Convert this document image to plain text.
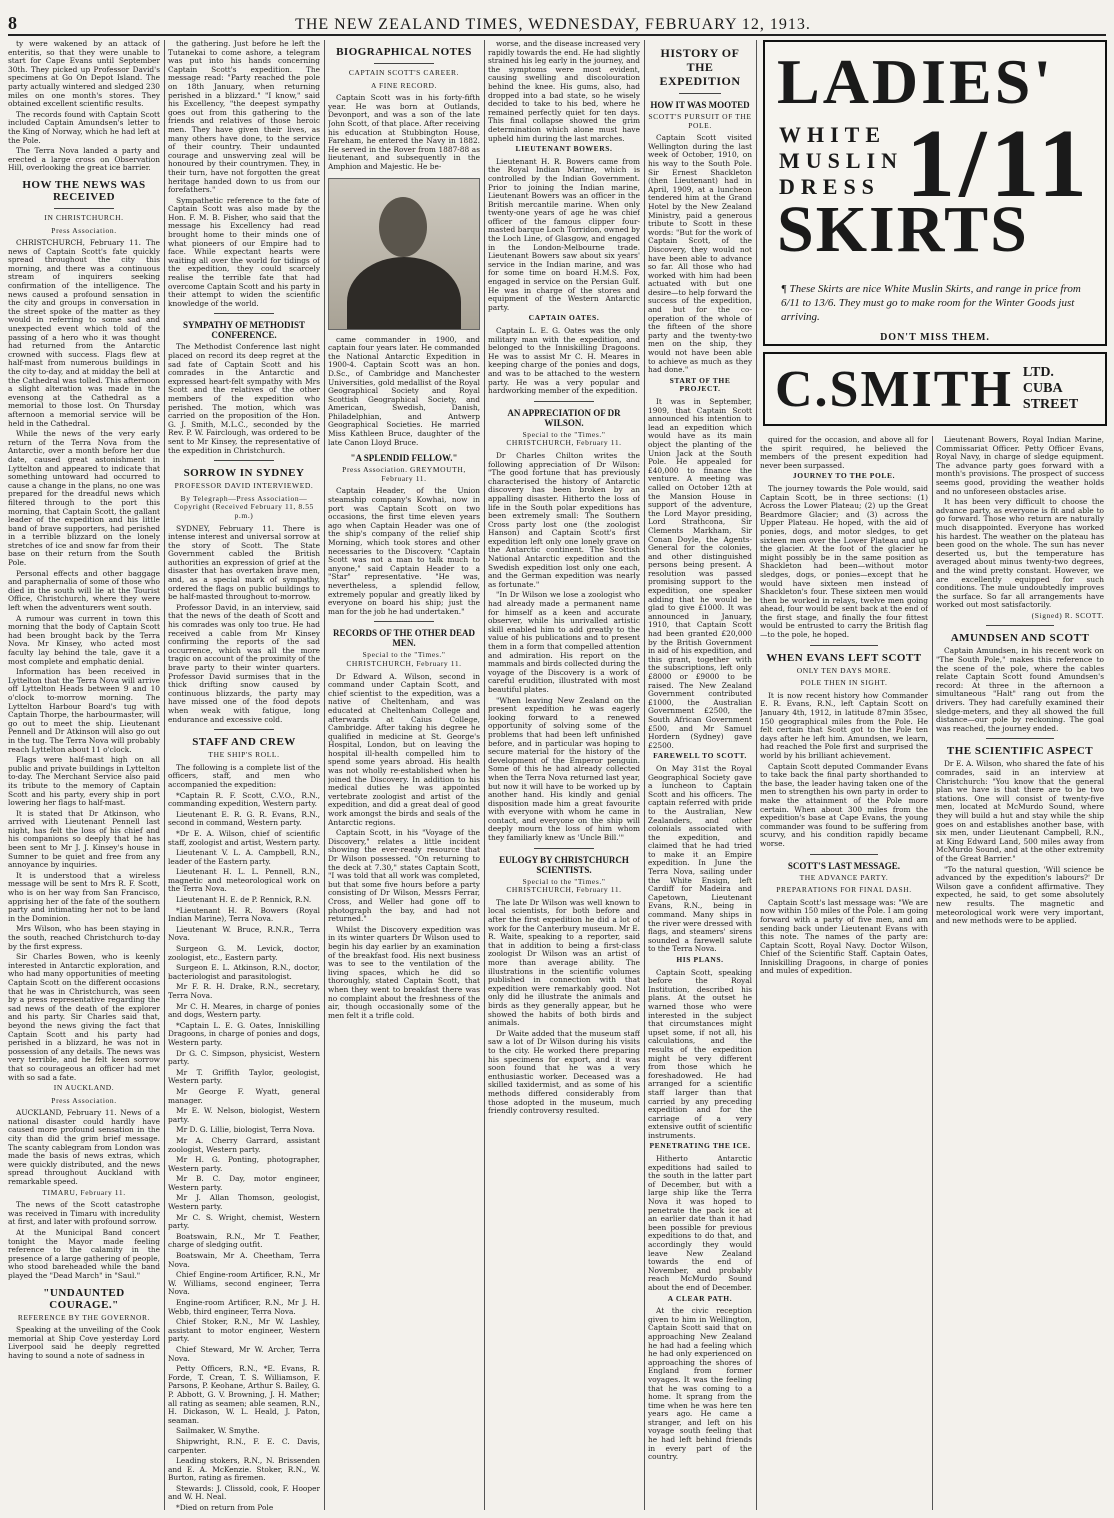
8	THE NEW ZEALAND TIMES, WEDNESDAY, FEBRUARY 12, 1913.

ty were wakened by an attack of enteritis, so that they were unable to start for Cape Evans until September 30th. They picked up Professor David's specimens at Go On Depot Island. The party actually wintered and sledged 230 miles on one month's stores. They obtained excellent scientific results.

The records found with Captain Scott included Captain Amundsen's letter to the King of Norway, which he had left at the Pole.

The Terra Nova landed a party and erected a large cross on Observation Hill, overlooking the great ice barrier.

HOW THE NEWS WAS RECEIVED
IN CHRISTCHURCH.
Press Association.

CHRISTCHURCH, February 11. The news of Captain Scott's fate quickly spread throughout the city this morning, and there was a continuous stream of inquirers seeking confirmation of the intelligence. The news caused a profound sensation in the city and groups in conversation in the street spoke of the matter as they would in referring to some sad and unexpected event which told of the passing of a hero who it was thought had returned from the Antarctic crowned with success. Flags flew at half-mast from numerous buildings in the city to-day, and at midday the bell at the Cathedral was tolled. This afternoon a slight alteration was made in the evensong at the Cathedral as a memorial to those lost. On Thursday afternoon a memorial service will be held in the Cathedral.

While the news of the very early return of the Terra Nova from the Antarctic, over a month before her due date, caused great astonishment in Lyttelton and appeared to indicate that something untoward had occurred to cause a change in the plans, no one was prepared for the dreadful news which filtered through to the port this morning, that Captain Scott, the gallant leader of the expedition and his little band of brave supporters, had perished in a terrible blizzard on the lonely stretches of ice and snow far from their base on their return from the South Pole.

Personal effects and other baggage and paraphernalia of some of those who died in the south will lie at the Tourist Office, Christchurch, where they were left when the adventurers went south.

A rumour was current in town this morning that the body of Captain Scott had been brought back by the Terra Nova. Mr Kinsey, who acted most faculty lay behind the tale, gave it a most complete and emphatic denial.

Information has been received in Lyttelton that the Terra Nova will arrive off Lyttelton Heads between 9 and 10 o'clock to-morrow morning. The Lyttelton Harbour Board's tug with Captain Thorpe, the harbourmaster, will go out to meet the ship. Lieutenant Pennell and Dr Atkinson will also go out in the tug. The Terra Nova will probably reach Lyttelton about 11 o'clock.

Flags were half-mast high on all public and private buildings in Lyttelton to-day. The Merchant Service also paid its tribute to the memory of Captain Scott and his party, every ship in port lowering her flags to half-mast.

It is stated that Dr Atkinson, who arrived with Lieutenant Pennell last night, has felt the loss of his chief and his companions so deeply that he has been sent to Mr J. J. Kinsey's house in Sumner to be quiet and free from any annoyance by inquiries.

It is understood that a wireless message will be sent to Mrs R. F. Scott, who is on her way from San Francisco, apprising her of the fate of the southern party and intimating her not to be land in the Dominion.

Mrs Wilson, who has been staying in the south, reached Christchurch to-day by the first express.

Sir Charles Bowen, who is keenly interested in Antarctic exploration, and who had many opportunities of meeting Captain Scott on the different occasions that he was in Christchurch, was seen by a press representative regarding the sad news of the death of the explorer and his party. Sir Charles said that, beyond the news giving the fact that Captain Scott and his party had perished in a blizzard, he was not in possession of any details. The news was very terrible, and he felt keen sorrow that so courageous an officer had met with so sad a fate.

IN AUCKLAND.
Press Association.

AUCKLAND, February 11. News of a national disaster could hardly have caused more profound sensation in the city than did the grim brief message. The scanty cablegram from London was made the basis of news extras, which were quickly distributed, and the news spread throughout Auckland with remarkable speed.

TIMARU, February 11.

The news of the Scott catastrophe was received in Timaru with incredulity at first, and later with profound sorrow.

At the Municipal Band concert tonight the Mayor made feeling reference to the calamity in the presence of a large gathering of people, who stood bareheaded while the band played the "Dead March" in "Saul."

"UNDAUNTED COURAGE."
REFERENCE BY THE GOVERNOR.

Speaking at the unveiling of the Cook memorial at Ship Cove yesterday Lord Liverpool said he deeply regretted having to sound a note of sadness in

the gathering. Just before he left the Tutanekai to come ashore, a telegram was put into his hands concerning Captain Scott's expedition. The message read: "Party reached the pole on 18th January, when returning perished in a blizzard." "I know," said his Excellency, "the deepest sympathy goes out from this gathering to the friends and relatives of those heroic men. They have given their lives, as many others have done, to the service of their country. Their undaunted courage and unswerving zeal will be honoured by their countrymen. They, in their turn, have not forgotten the great heritage handed down to us from our forefathers."

Sympathetic reference to the fate of Captain Scott was also made by the Hon. F. M. B. Fisher, who said that the message his Excellency had read brought home to their minds one of what pioneers of our Empire had to face. While expectant hearts were waiting all over the world for tidings of the expedition, they could scarcely realise the terrible fate that had overcome Captain Scott and his party in their attempt to widen the scientific knowledge of the world.

SYMPATHY OF METHODIST CONFERENCE.

The Methodist Conference last night placed on record its deep regret at the sad fate of Captain Scott and his comrades in the Antarctic and expressed heart-felt sympathy with Mrs Scott and the relatives of the other members of the expedition who perished. The motion, which was carried on the proposition of the Hon. G. J. Smith, M.L.C., seconded by the Rev. P. W. Fairclough, was ordered to be sent to Mr Kinsey, the representative of the expedition in Christchurch.

SORROW IN SYDNEY
PROFESSOR DAVID INTERVIEWED.
By Telegraph—Press Association—Copyright (Received February 11, 8.55 p.m.)

SYDNEY, February 11. There is intense interest and universal sorrow at the story of Scott. The State Government cabled the British authorities an expression of grief at the disaster that has overtaken brave men, and, as a special mark of sympathy, ordered the flags on public buildings to be half-masted throughout to-morrow.

Professor David, in an interview, said that the news of the death of Scott and his comrades was only too true. He had received a cable from Mr Kinsey confirming the reports of the sad occurrence, which was all the more tragic on account of the proximity of the brave party to their winter quarters. Professor David surmises that in the thick drifting snow caused by continuous blizzards, the party may have missed one of the food depots when weak with fatigue, long endurance and excessive cold.

STAFF AND CREW
THE SHIP'S ROLL.

The following is a complete list of the officers, staff, and men who accompanied the expedition:

*Captain R. F. Scott, C.V.O., R.N., commanding expedition, Western party.

Lieutenant E. R. G. R. Evans, R.N., second in command, Western party.

*Dr E. A. Wilson, chief of scientific staff, zoologist and artist, Western party.

Lieutenant V. L. A. Campbell, R.N., leader of the Eastern party.

Lieutenant H. L. L. Pennell, R.N., magnetic and meteorological work on the Terra Nova.

Lieutenant H. E. de P. Rennick, R.N.

*Lieutenant H. R. Bowers (Royal Indian Marine), Terra Nova.

Lieutenant W. Bruce, R.N.R., Terra Nova.

Surgeon G. M. Levick, doctor, zoologist, etc., Eastern party.

Surgeon E. L. Atkinson, R.N., doctor, bacteriologist and parasitologist.

Mr F. R. H. Drake, R.N., secretary, Terra Nova.

Mr C. H. Meares, in charge of ponies and dogs, Western party.

*Captain L. E. G. Oates, Inniskilling Dragoons, in charge of ponies and dogs, Western party.

Dr G. C. Simpson, physicist, Western party.

Mr T. Griffith Taylor, geologist, Western party.

Mr George F. Wyatt, general manager.

Mr E. W. Nelson, biologist, Western party.

Mr D. G. Lillie, biologist, Terra Nova.

Mr A. Cherry Garrard, assistant zoologist, Western party.

Mr H. G. Ponting, photographer, Western party.

Mr B. C. Day, motor engineer, Western party.

Mr J. Allan Thomson, geologist, Western party.

Mr C. S. Wright, chemist, Western party.

Boatswain, R.N., Mr T. Feather, charge of sledging outfit.

Boatswain, Mr A. Cheetham, Terra Nova.

Chief Engine-room Artificer, R.N., Mr W. Williams, second engineer, Terra Nova.

Engine-room Artificer, R.N., Mr J. H. Webb, third engineer, Terra Nova.

Chief Stoker, R.N., Mr W. Lashley, assistant to motor engineer, Western party.

Chief Steward, Mr W. Archer, Terra Nova.

Petty Officers, R.N., *E. Evans, R. Forde, T. Crean, T. S. Williamson, F. Parsons, P. Keohane, Arthur S. Bailey, G. P. Abbott, G. V. Browning, J. H. Mather; all rating as seamen; able seamen, R.N., H. Dickason, W. L. Heald, J. Paton, seaman.

Sailmaker, W. Smythe.

Shipwright, R.N., F. E. C. Davis, carpenter.

Leading stokers, R.N., N. Brissenden and E. A. McKenzie. Stoker, R.N., W. Burton, rating as firemen.

Stewards: J. Clissold, cook, F. Hooper and W. H. Neal.

*Died on return from Pole

BIOGRAPHICAL NOTES
CAPTAIN SCOTT'S CAREER.
A FINE RECORD.

Captain Scott was in his forty-fifth year. He was born at Outlands, Devonport, and was a son of the late John Scott, of that place. After receiving his education at Stubbington House, Fareham, he entered the Navy in 1882. He served in the Rover from 1887-88 as lieutenant, and subsequently in the Amphion and Majestic. He be-

came commander in 1900, and captain four years later. He commanded the National Antarctic Expedition in 1900-4. Captain Scott was an hon. D.Sc., of Cambridge and Manchester Universities, gold medallist of the Royal Geographical Society and Royal Scottish Geographical Society, and American, Swedish, Danish, Philadelphian, and Antwerp Geographical Societies. He married Miss Kathleen Bruce, daughter of the late Canon Lloyd Bruce.

"A SPLENDID FELLOW."
Press Association. GREYMOUTH, February 11.

Captain Header, of the Union steamship company's Kowhai, now in port was Captain Scott on two occasions, the first time eleven years ago when Captain Header was one of the ship's company of the relief ship Morning, which took stores and other necessaries to the Discovery. "Captain Scott was not a man to talk much to anyone," said Captain Header to a "Star" representative. "He was, nevertheless, a splendid fellow, extremely popular and greatly liked by everyone on board his ship; just the man for the job he had undertaken."

RECORDS OF THE OTHER DEAD MEN.
Special to the "Times." CHRISTCHURCH, February 11.

Dr Edward A. Wilson, second in command under Captain Scott, and chief scientist to the expedition, was a native of Cheltenham, and was educated at Cheltenham College and afterwards at Caius College, Cambridge. After taking his degree he qualified in medicine at St. George's Hospital, London, but on leaving the hospital ill-health compelled him to spend some years abroad. His health was not wholly re-established when he joined the Discovery. In addition to his medical duties he was appointed vertebrate zoologist and artist of the expedition, and did a great deal of good work amongst the birds and seals of the Antarctic regions.

Captain Scott, in his "Voyage of the Discovery," relates a little incident showing the ever-ready resource that Dr Wilson possessed. "On returning to the deck at 7.30," states Captain Scott, "I was told that all work was completed, but that some five hours before a party consisting of Dr Wilson, Messrs Ferrar, Cross, and Weller had gone off to photograph the bay, and had not returned."

Whilst the Discovery expedition was in its winter quarters Dr Wilson used to begin his day earlier by an examination of the breakfast food. His next business was to see to the ventilation of the living spaces, which he did so thoroughly, stated Captain Scott, that when they went to breakfast there was no complaint about the freshness of the air, though occasionally some of the men felt it a trifle cold.

worse, and the disease increased very rapidly towards the end. He had slightly strained his leg early in the journey, and the symptoms were most evident, causing swelling and discolouration behind the knee. His gums, also, had dropped into a bad state, so he wisely decided to take to his bed, where he remained perfectly quiet for ten days. This final collapse showed the grim determination which alone must have upheld him during the last marches.

LIEUTENANT BOWERS.

Lieutenant H. R. Bowers came from the Royal Indian Marine, which is controlled by the Indian Government. Prior to joining the Indian marine, Lieutenant Bowers was an officer in the British mercantile marine. When only twenty-one years of age he was chief officer of the famous clipper four-masted barque Loch Torridon, owned by the Loch Line, of Glasgow, and engaged in the London-Melbourne trade. Lieutenant Bowers saw about six years' service in the Indian marine, and was for some time on board H.M.S. Fox, engaged in service on the Persian Gulf. He was in charge of the stores and equipment of the Western Antarctic party.

CAPTAIN OATES.

Captain L. E. G. Oates was the only military man with the expedition, and belonged to the Inniskilling Dragoons. He was to assist Mr C. H. Meares in keeping charge of the ponies and dogs, and was to be attached to the western party. He was a very popular and hardworking member of the expedition.

AN APPRECIATION OF DR WILSON.
Special to the "Times." CHRISTCHURCH, February 11.

Dr Charles Chilton writes the following appreciation of Dr Wilson: "The good fortune that has previously characterised the history of Antarctic discovery has been broken by an appalling disaster. Hitherto the loss of life in the South polar expeditions has been extremely small: The Southern Cross party lost one (the zoologist Hanson) and Captain Scott's first expedition left only one lonely grave on the Antarctic continent. The Scottish National Antarctic expedition and the Swedish expedition lost only one each, and the German expedition was nearly as fortunate."

"In Dr Wilson we lose a zoologist who had already made a permanent name for himself as a keen and accurate observer, while his unrivalled artistic skill enabled him to add greatly to the value of his publications and to present them in a form that compelled attention and admiration. His report on the mammals and birds collected during the voyage of the Discovery is a work of careful erudition, illustrated with most beautiful plates.

"When leaving New Zealand on the present expedition he was eagerly looking forward to a renewed opportunity of solving some of the problems that had been left unfinished before, and in particular was hoping to secure material for the history of the development of the Emperor penguin. Some of this he had already collected when the Terra Nova returned last year, but now it will have to be worked up by another hand. His kindly and genial disposition made him a great favourite with everyone with whom he came in contact, and everyone on the ship will deeply mourn the loss of him whom they familiarly knew as 'Uncle Bill.'"

EULOGY BY CHRISTCHURCH SCIENTISTS.
Special to the "Times." CHRISTCHURCH, February 11.

The late Dr Wilson was well known to local scientists, for both before and after the first expedition he did a lot of work for the Canterbury museum. Mr E. R. Waite, speaking to a reporter, said that in addition to being a first-class zoologist Dr Wilson was an artist of more than average ability. The illustrations in the scientific volumes published in connection with that expedition were remarkably good. Not only did he illustrate the animals and birds as they generally appear, but he showed the habits of both birds and animals.

Dr Waite added that the museum staff saw a lot of Dr Wilson during his visits to the city. He worked there preparing his specimens for export, and it was soon found that he was a very enthusiastic worker. Deceased was a skilled taxidermist, and as some of his methods differed considerably from those adopted in the museum, much friendly controversy resulted.

HISTORY OF THE EXPEDITION
HOW IT WAS MOOTED
SCOTT'S PURSUIT OF THE POLE.

Captain Scott visited Wellington during the last week of October, 1910, on his way to the South Pole. Sir Ernest Shackleton (then Lieutenant) had in April, 1909, at a luncheon tendered him at the Grand Hotel by the New Zealand Ministry, paid a generous tribute to Scott in these words: "But for the work of Captain Scott, of the Discovery, they would not have been able to advance so far. All those who had worked with him had been actuated with but one desire—to help forward the success of the expedition, and but for the co-operation of the whole of the fifteen of the shore party and the twenty-two men on the ship, they would not have been able to achieve as much as they had done."

START OF THE PROJECT.

It was in September, 1909, that Captain Scott announced his intention to lead an expedition which would have as its main object the planting of the Union Jack at the South Pole. He appealed for £40,000 to finance the venture. A meeting was called on October 12th at the Mansion House in support of the adventure, the Lord Mayor presiding, Lord Strathcona, Sir Clements Markham, Sir Conan Doyle, the Agents-General for the colonies, and other distinguished persons being present. A resolution was passed promising support to the expedition, one speaker adding that he would be glad to give £1000. It was announced in January, 1910, that Captain Scott had been granted £20,000 by the British Government in aid of his expedition, and this grant, together with the subscriptions, left only £8000 or £9000 to be raised. The New Zealand Government contributed £1000, the Australian Government £2500, the South African Government £500, and Mr Samuel Hordern (Sydney) gave £2500.

FAREWELL TO SCOTT.

On May 31st the Royal Geographical Society gave a luncheon to Captain Scott and his officers. The captain referred with pride to the Australian, New Zealanders, and other colonials associated with the expedition, and claimed that he had tried to make it an Empire expedition. In June the Terra Nova, sailing under the White Ensign, left Cardiff for Madeira and Capetown, Lieutenant Evans, R.N., being in command. Many ships in the river were dressed with flags, and steamers' sirens sounded a farewell salute to the Terra Nova.

HIS PLANS.

Captain Scott, speaking before the Royal Institution, described his plans. At the outset he warned those who were interested in the subject that circumstances might upset some, if not all, his calculations, and the results of the expedition might be very different from those which he foreshadowed. He had arranged for a scientific staff larger than that carried by any preceding expedition and for the carriage of a very extensive outfit of scientific instruments.

PENETRATING THE ICE.

Hitherto Antarctic expeditions had sailed to the south in the latter part of December, but with a large ship like the Terra Nova it was hoped to penetrate the pack ice at an earlier date than it had been possible for previous expeditions to do that, and accordingly they would leave New Zealand towards the end of November, and probably reach McMurdo Sound about the end of December.

A CLEAR PATH.

At the civic reception given to him in Wellington, Captain Scott said that on approaching New Zealand he had had a feeling which he had only experienced on approaching the shores of England from former voyages. It was the feeling that he was coming to a home. It sprang from the time when he was here ten years ago. He came a stranger, and left on his voyage south feeling that he had left behind friends in every part of the country.

LADIES'
WHITE
MUSLIN
DRESS 1/11
SKIRTS
¶ These Skirts are nice White Muslin Skirts, and range in price from 6/11 to 13/6. They must go to make room for the Winter Goods just arriving.
DON'T MISS THEM.
C.SMITH LTD.
CUBA
STREET

quired for the occasion, and above all for the spirit required, he believed the members of the present expedition had never been surpassed.

JOURNEY TO THE POLE.

The journey towards the Pole would, said Captain Scott, be in three sections: (1) Across the Lower Plateau; (2) up the Great Beardmore Glacier; and (3) across the Upper Plateau. He hoped, with the aid of ponies, dogs, and motor sledges, to get sixteen men over the Lower Plateau and up the glacier. At the foot of the glacier he might possibly be in the same position as Shackleton had been—without motor sledges, dogs, or ponies—except that he would have sixteen men instead of Shackleton's four. These sixteen men would then be worked in relays, twelve men going ahead, four would be sent back at the end of the first stage, and finally the four fittest would be entrusted to carry the British flag—to the pole, he hoped.

WHEN EVANS LEFT SCOTT
ONLY TEN DAYS MORE.
POLE THEN IN SIGHT.

It is now recent history how Commander E. R. Evans, R.N., left Captain Scott on January 4th, 1912, in latitude 87min 35sec, 150 geographical miles from the Pole. He felt certain that Scott got to the Pole ten days after he left him. Amundsen, we learn, had reached the Pole first and surprised the world by his brilliant achievement.

Captain Scott deputed Commander Evans to take back the final party shorthanded to the base, the leader having taken one of the men to strengthen his own party in order to make the attainment of the Pole more certain. When about 300 miles from the expedition's base at Cape Evans, the young commander was found to be suffering from scurvy, and his condition rapidly became worse.

SCOTT'S LAST MESSAGE.
THE ADVANCE PARTY.
PREPARATIONS FOR FINAL DASH.

Captain Scott's last message was: "We are now within 150 miles of the Pole. I am going forward with a party of five men, and am sending back under Lieutenant Evans with this note. The names of the party are: Captain Scott, Royal Navy. Doctor Wilson, Chief of the Scientific Staff. Captain Oates, Inniskilling Dragoons, in charge of ponies and mules of expedition.

Lieutenant Bowers, Royal Indian Marine, Commissariat Officer. Petty Officer Evans, Royal Navy, in charge of sledge equipment. The advance party goes forward with a month's provisions. The prospect of success seems good, providing the weather holds and no unforeseen obstacles arise.

It has been very difficult to choose the advance party, as everyone is fit and able to go forward. Those who return are naturally much disappointed. Everyone has worked his hardest. The weather on the plateau has been good on the whole. The sun has never deserted us, but the temperature has averaged about minus twenty-two degrees, and the wind pretty constant. However, we are excellently equipped for such conditions. The mule undoubtedly improves the surface. So far all arrangements have worked out most satisfactorily.

(Signed) R. SCOTT.
AMUNDSEN AND SCOTT

Captain Amundsen, in his recent work on "The South Pole," makes this reference to the scene of the pole, where the cables relate Captain Scott found Amundsen's record: At three in the afternoon a simultaneous "Halt" rang out from the drivers. They had carefully examined their sledge-meters, and they all showed the full distance—our pole by reckoning. The goal was reached, the journey ended.

THE SCIENTIFIC ASPECT

Dr E. A. Wilson, who shared the fate of his comrades, said in an interview at Christchurch: "You know that the general plan we have is that there are to be two stations. One will consist of twenty-five men, located at McMurdo Sound, where they will build a hut and stay while the ship goes on and establishes another base, with six men, under Lieutenant Campbell, R.N., at King Edward Land, 500 miles away from McMurdo Sound, and at the other extremity of the Great Barrier."

"To the natural question, 'Will science be advanced by the expedition's labours?' Dr Wilson gave a confident affirmative. They expected, he said, to get some absolutely new results. The magnetic and meteorological work were very important, and new methods were to be applied.
